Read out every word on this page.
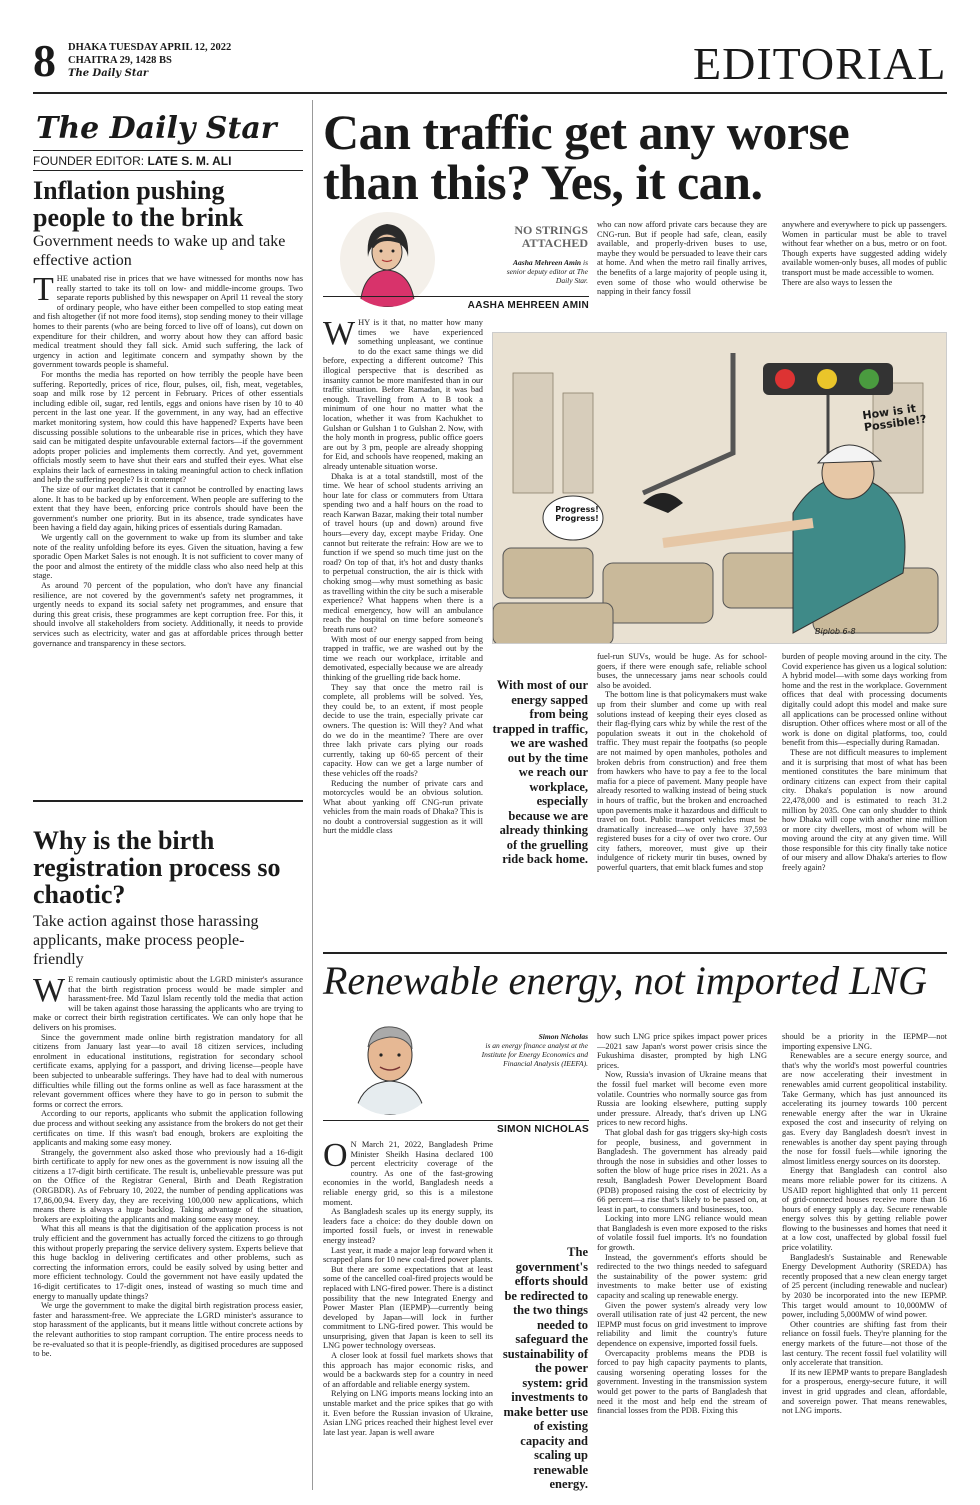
8 DHAKA TUESDAY APRIL 12, 2022
CHAITRA 29, 1428 BS
The Daily Star	EDITORIAL
The Daily Star
FOUNDER EDITOR: LATE S. M. ALI
Inflation pushing people to the brink
Government needs to wake up and take effective action

THE unabated rise in prices that we have witnessed for months now has really started to take its toll on low- and middle-income groups. Two separate reports published by this newspaper on April 11 reveal the story of ordinary people, who have either been compelled to stop eating meat and fish altogether (if not more food items), stop sending money to their village homes to their parents (who are being forced to live off of loans), cut down on expenditure for their children, and worry about how they can afford basic medical treatment should they fall sick. Amid such suffering, the lack of urgency in action and legitimate concern and sympathy shown by the government towards people is shameful.

For months the media has reported on how terribly the people have been suffering. Reportedly, prices of rice, flour, pulses, oil, fish, meat, vegetables, soap and milk rose by 12 percent in February. Prices of other essentials including edible oil, sugar, red lentils, eggs and onions have risen by 10 to 40 percent in the last one year. If the government, in any way, had an effective market monitoring system, how could this have happened? Experts have been discussing possible solutions to the unbearable rise in prices, which they have said can be mitigated despite unfavourable external factors—if the government adopts proper policies and implements them correctly. And yet, government officials mostly seem to have shut their ears and stuffed their eyes. What else explains their lack of earnestness in taking meaningful action to check inflation and help the suffering people? Is it contempt?

The size of our market dictates that it cannot be controlled by enacting laws alone. It has to be backed up by enforcement. When people are suffering to the extent that they have been, enforcing price controls should have been the government's number one priority. But in its absence, trade syndicates have been having a field day again, hiking prices of essentials during Ramadan.

We urgently call on the government to wake up from its slumber and take note of the reality unfolding before its eyes. Given the situation, having a few sporadic Open Market Sales is not enough. It is not sufficient to cover many of the poor and almost the entirety of the middle class who also need help at this stage.

As around 70 percent of the population, who don't have any financial resilience, are not covered by the government's safety net programmes, it urgently needs to expand its social safety net programmes, and ensure that during this great crisis, these programmes are kept corruption free. For this, it should involve all stakeholders from society. Additionally, it needs to provide services such as electricity, water and gas at affordable prices through better governance and transparency in these sectors.

Why is the birth registration process so chaotic?
Take action against those harassing applicants, make process people-friendly

WE remain cautiously optimistic about the LGRD minister's assurance that the birth registration process would be made simpler and harassment-free. Md Tazul Islam recently told the media that action will be taken against those harassing the applicants who are trying to make or correct their birth registration certificates. We can only hope that he delivers on his promises.

Since the government made online birth registration mandatory for all citizens from January last year—to avail 18 citizen services, including enrolment in educational institutions, registration for secondary school certificate exams, applying for a passport, and driving license—people have been subjected to unbearable sufferings. They have had to deal with numerous difficulties while filling out the forms online as well as face harassment at the relevant government offices where they have to go in person to submit the forms or correct the errors.

According to our reports, applicants who submit the application following due process and without seeking any assistance from the brokers do not get their certificates on time. If this wasn't bad enough, brokers are exploiting the applicants and making some easy money.

Strangely, the government also asked those who previously had a 16-digit birth certificate to apply for new ones as the government is now issuing all the citizens a 17-digit birth certificate. The result is, unbelievable pressure was put on the Office of the Registrar General, Birth and Death Registration (ORGBDR). As of February 10, 2022, the number of pending applications was 17,86,00,94. Every day, they are receiving 100,000 new applications, which means there is always a huge backlog. Taking advantage of the situation, brokers are exploiting the applicants and making some easy money.

What this all means is that the digitisation of the application process is not truly efficient and the government has actually forced the citizens to go through this without properly preparing the service delivery system. Experts believe that this huge backlog in delivering certificates and other problems, such as correcting the information errors, could be easily solved by using better and more efficient technology. Could the government not have easily updated the 16-digit certificates to 17-digit ones, instead of wasting so much time and energy to manually update things?

We urge the government to make the digital birth registration process easier, faster and harassment-free. We appreciate the LGRD minister's assurance to stop harassment of the applicants, but it means little without concrete actions by the relevant authorities to stop rampant corruption. The entire process needs to be re-evaluated so that it is people-friendly, as digitised procedures are supposed to be.

Can traffic get any worse than this? Yes, it can.
NO STRINGS ATTACHED
Aasha Mehreen Amin is senior deputy editor at The Daily Star.
AASHA MEHREEN AMIN

WHY is it that, no matter how many times we have experienced something unpleasant, we continue to do the exact same things we did before, expecting a different outcome? This illogical perspective that is described as insanity cannot be more manifested than in our traffic situation. Before Ramadan, it was bad enough. Travelling from A to B took a minimum of one hour no matter what the location, whether it was from Kachukhet to Gulshan or Gulshan 1 to Gulshan 2. Now, with the holy month in progress, public office goers are out by 3 pm, people are already shopping for Eid, and schools have reopened, making an already untenable situation worse.

Dhaka is at a total standstill, most of the time. We hear of school students arriving an hour late for class or commuters from Uttara spending two and a half hours on the road to reach Karwan Bazar, making their total number of travel hours (up and down) around five hours—every day, except maybe Friday. One cannot but reiterate the refrain: How are we to function if we spend so much time just on the road? On top of that, it's hot and dusty thanks to perpetual construction, the air is thick with choking smog—why must something as basic as travelling within the city be such a miserable experience? What happens when there is a medical emergency, how will an ambulance reach the hospital on time before someone's breath runs out?

With most of our energy sapped from being trapped in traffic, we are washed out by the time we reach our workplace, irritable and demotivated, especially because we are already thinking of the gruelling ride back home.

They say that once the metro rail is complete, all problems will be solved. Yes, they could be, to an extent, if most people decide to use the train, especially private car owners. The question is: Will they? And what do we do in the meantime? There are over three lakh private cars plying our roads currently, taking up 60-65 percent of their capacity. How can we get a large number of these vehicles off the roads?

Reducing the number of private cars and motorcycles would be an obvious solution. What about yanking off CNG-run private vehicles from the main roads of Dhaka? This is no doubt a controversial suggestion as it will hurt the middle class

who can now afford private cars because they are CNG-run. But if people had safe, clean, easily available, and properly-driven buses to use, maybe they would be persuaded to leave their cars at home. And when the metro rail finally arrives, the benefits of a large majority of people using it, even some of those who would otherwise be napping in their fancy fossil

anywhere and everywhere to pick up passengers. Women in particular must be able to travel without fear whether on a bus, metro or on foot. Though experts have suggested adding widely available women-only buses, all modes of public transport must be made accessible to women.
There are also ways to lessen the

Progress! Progress!
How is it Possible!?
Biplob 6-8
With most of our energy sapped from being trapped in traffic, we are washed out by the time we reach our workplace, especially because we are already thinking of the gruelling ride back home.

fuel-run SUVs, would be huge. As for school-goers, if there were enough safe, reliable school buses, the unnecessary jams near schools could also be avoided.

The bottom line is that policymakers must wake up from their slumber and come up with real solutions instead of keeping their eyes closed as their flag-flying cars whiz by while the rest of the population sweats it out in the chokehold of traffic. They must repair the footpaths (so people are not maimed by open manholes, potholes and broken debris from construction) and free them from hawkers who have to pay a fee to the local mafia for a piece of pavement. Many people have already resorted to walking instead of being stuck in hours of traffic, but the broken and encroached upon pavements make it hazardous and difficult to travel on foot. Public transport vehicles must be dramatically increased—we only have 37,593 registered buses for a city of over two crore. Our city fathers, moreover, must give up their indulgence of rickety murir tin buses, owned by powerful quarters, that emit black fumes and stop

burden of people moving around in the city. The Covid experience has given us a logical solution: A hybrid model—with some days working from home and the rest in the workplace. Government offices that deal with processing documents digitally could adopt this model and make sure all applications can be processed online without disruption. Other offices where most or all of the work is done on digital platforms, too, could benefit from this—especially during Ramadan.

These are not difficult measures to implement and it is surprising that most of what has been mentioned constitutes the bare minimum that ordinary citizens can expect from their capital city. Dhaka's population is now around 22,478,000 and is estimated to reach 31.2 million by 2035. One can only shudder to think how Dhaka will cope with another nine million or more city dwellers, most of whom will be moving around the city at any given time. Will those responsible for this city finally take notice of our misery and allow Dhaka's arteries to flow freely again?

Renewable energy, not imported LNG
Simon Nicholas
is an energy finance analyst at the Institute for Energy Economics and Financial Analysis (IEEFA).
SIMON NICHOLAS

ON March 21, 2022, Bangladesh Prime Minister Sheikh Hasina declared 100 percent electricity coverage of the country. As one of the fast-growing economies in the world, Bangladesh needs a reliable energy grid, so this is a milestone moment.

As Bangladesh scales up its energy supply, its leaders face a choice: do they double down on imported fossil fuels, or invest in renewable energy instead?

Last year, it made a major leap forward when it scrapped plans for 10 new coal-fired power plants.

But there are some expectations that at least some of the cancelled coal-fired projects would be replaced with LNG-fired power. There is a distinct possibility that the new Integrated Energy and Power Master Plan (IEPMP)—currently being developed by Japan—will lock in further commitment to LNG-fired power. This would be unsurprising, given that Japan is keen to sell its LNG power technology overseas.

A closer look at fossil fuel markets shows that this approach has major economic risks, and would be a backwards step for a country in need of an affordable and reliable energy system.

Relying on LNG imports means locking into an unstable market and the price spikes that go with it. Even before the Russian invasion of Ukraine, Asian LNG prices reached their highest level ever late last year. Japan is well aware

The government's efforts should be redirected to the two things needed to safeguard the sustainability of the power system: grid investments to make better use of existing capacity and scaling up renewable energy.

how such LNG price spikes impact power prices—2021 saw Japan's worst power crisis since the Fukushima disaster, prompted by high LNG prices.

Now, Russia's invasion of Ukraine means that the fossil fuel market will become even more volatile. Countries who normally source gas from Russia are looking elsewhere, putting supply under pressure. Already, that's driven up LNG prices to new record highs.

That global dash for gas triggers sky-high costs for people, business, and government in Bangladesh. The government has already paid through the nose in subsidies and other losses to soften the blow of huge price rises in 2021. As a result, Bangladesh Power Development Board (PDB) proposed raising the cost of electricity by 66 percent—a rise that's likely to be passed on, at least in part, to consumers and businesses, too.

Locking into more LNG reliance would mean that Bangladesh is even more exposed to the risks of volatile fossil fuel imports. It's no foundation for growth.

Instead, the government's efforts should be redirected to the two things needed to safeguard the sustainability of the power system: grid investments to make better use of existing capacity and scaling up renewable energy.

Given the power system's already very low overall utilisation rate of just 42 percent, the new IEPMP must focus on grid investment to improve reliability and limit the country's future dependence on expensive, imported fossil fuels.

Overcapacity problems means the PDB is forced to pay high capacity payments to plants, causing worsening operating losses for the government. Investing in the transmission system would get power to the parts of Bangladesh that need it the most and help end the stream of financial losses from the PDB. Fixing this

should be a priority in the IEPMP—not importing expensive LNG.

Renewables are a secure energy source, and that's why the world's most powerful countries are now accelerating their investment in renewables amid current geopolitical instability. Take Germany, which has just announced its accelerating its journey towards 100 percent renewable energy after the war in Ukraine exposed the cost and insecurity of relying on gas. Every day Bangladesh doesn't invest in renewables is another day spent paying through the nose for fossil fuels—while ignoring the almost limitless energy sources on its doorstep.

Energy that Bangladesh can control also means more reliable power for its citizens. A USAID report highlighted that only 11 percent of grid-connected houses receive more than 16 hours of energy supply a day. Secure renewable energy solves this by getting reliable power flowing to the businesses and homes that need it at a low cost, unaffected by global fossil fuel price volatility.

Bangladesh's Sustainable and Renewable Energy Development Authority (SREDA) has recently proposed that a new clean energy target of 25 percent (including renewable and nuclear) by 2030 be incorporated into the new IEPMP. This target would amount to 10,000MW of power, including 5,000MW of wind power.

Other countries are shifting fast from their reliance on fossil fuels. They're planning for the energy markets of the future—not those of the last century. The recent fossil fuel volatility will only accelerate that transition.

If its new IEPMP wants to prepare Bangladesh for a prosperous, energy-secure future, it will invest in grid upgrades and clean, affordable, and sovereign power. That means renewables, not LNG imports.
